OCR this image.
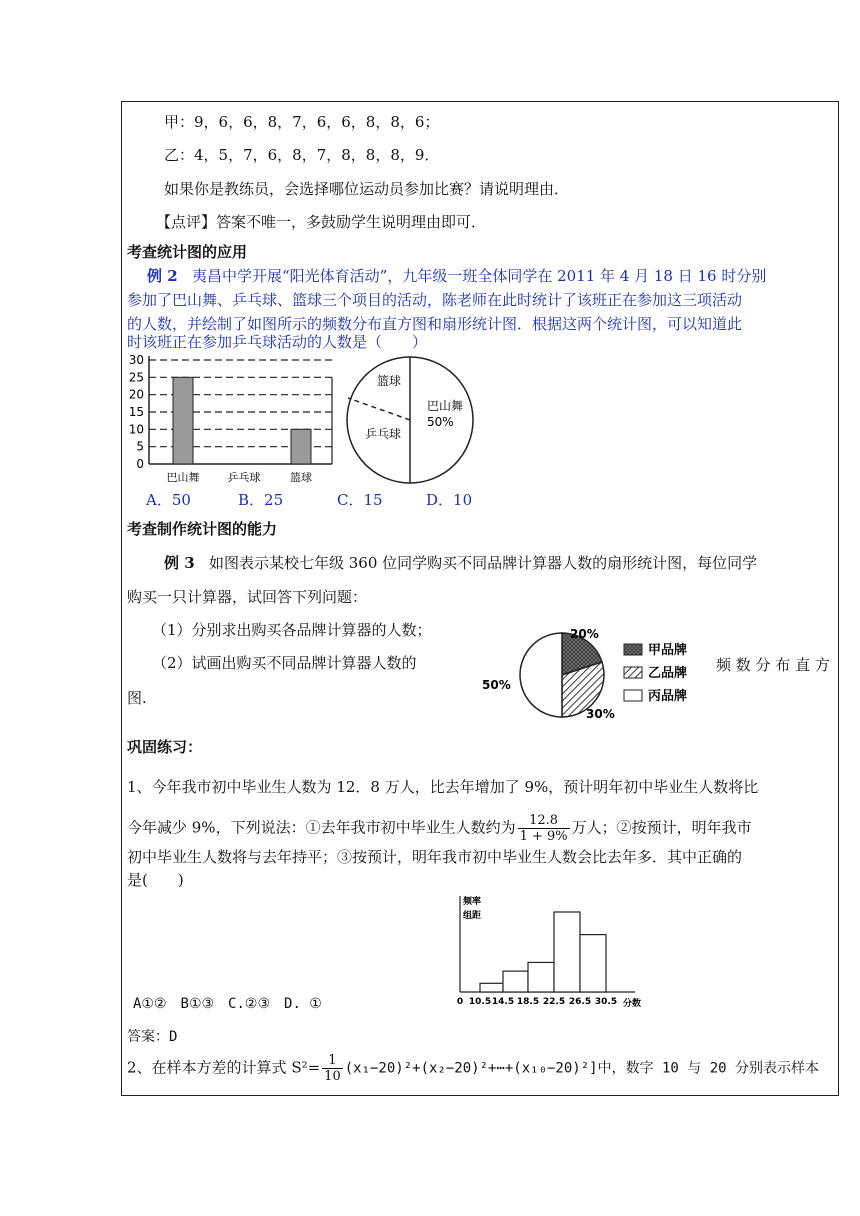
甲：9，6，6，8，7，6，6，8，8，6；
乙：4，5，7，6，8，7，8，8，8，9．
如果你是教练员，会选择哪位运动员参加比赛？请说明理由．
【点评】答案不唯一，多鼓励学生说明理由即可．
考查统计图的应用
例 2 夷昌中学开展“阳光体育活动”，九年级一班全体同学在 2011 年 4 月 18 日 16 时分别
参加了巴山舞、乒乓球、篮球三个项目的活动，陈老师在此时统计了该班正在参加这三项活动
的人数，并绘制了如图所示的频数分布直方图和扇形统计图．根据这两个统计图，可以知道此
时该班正在参加乒乓球活动的人数是（　　）
0
5
10
15
20
25
30
巴山舞	乒乓球	篮球
篮球
巴山舞
50%
乒乓球
A．50	B．25	C．15	D．10
考查制作统计图的能力
例 3 如图表示某校七年级 360 位同学购买不同品牌计算器人数的扇形统计图，每位同学
购买一只计算器，试回答下列问题：
（1）分别求出购买各品牌计算器的人数；
（2）试画出购买不同品牌计算器人数的	频 数 分 布 直 方
图.
20%
30%
50%
甲品牌
乙品牌
丙品牌
巩固练习：
1、今年我市初中毕业生人数为 12．8 万人，比去年增加了 9%，预计明年初中毕业生人数将比
今年减少 9%，下列说法：①去年我市初中毕业生人数约为 $\frac{12.8}{1 + 9\%}$ 万人；②按预计，明年我市
初中毕业生人数将与去年持平；③按预计，明年我市初中毕业生人数会比去年多．其中正确的
是(　　)
频率
组距
0 10.5 14.5 18.5 22.5 26.5 30.5 分数
A①②　B①③　C.②③　D. ①
答案：D
2、在样本方差的计算式 $S^2= \frac{1}{10}$ (x₁−20)²+(x₂−20)²+⋯+(x₁₀−20)²]中，数字 10 与 20 分别表示样本
